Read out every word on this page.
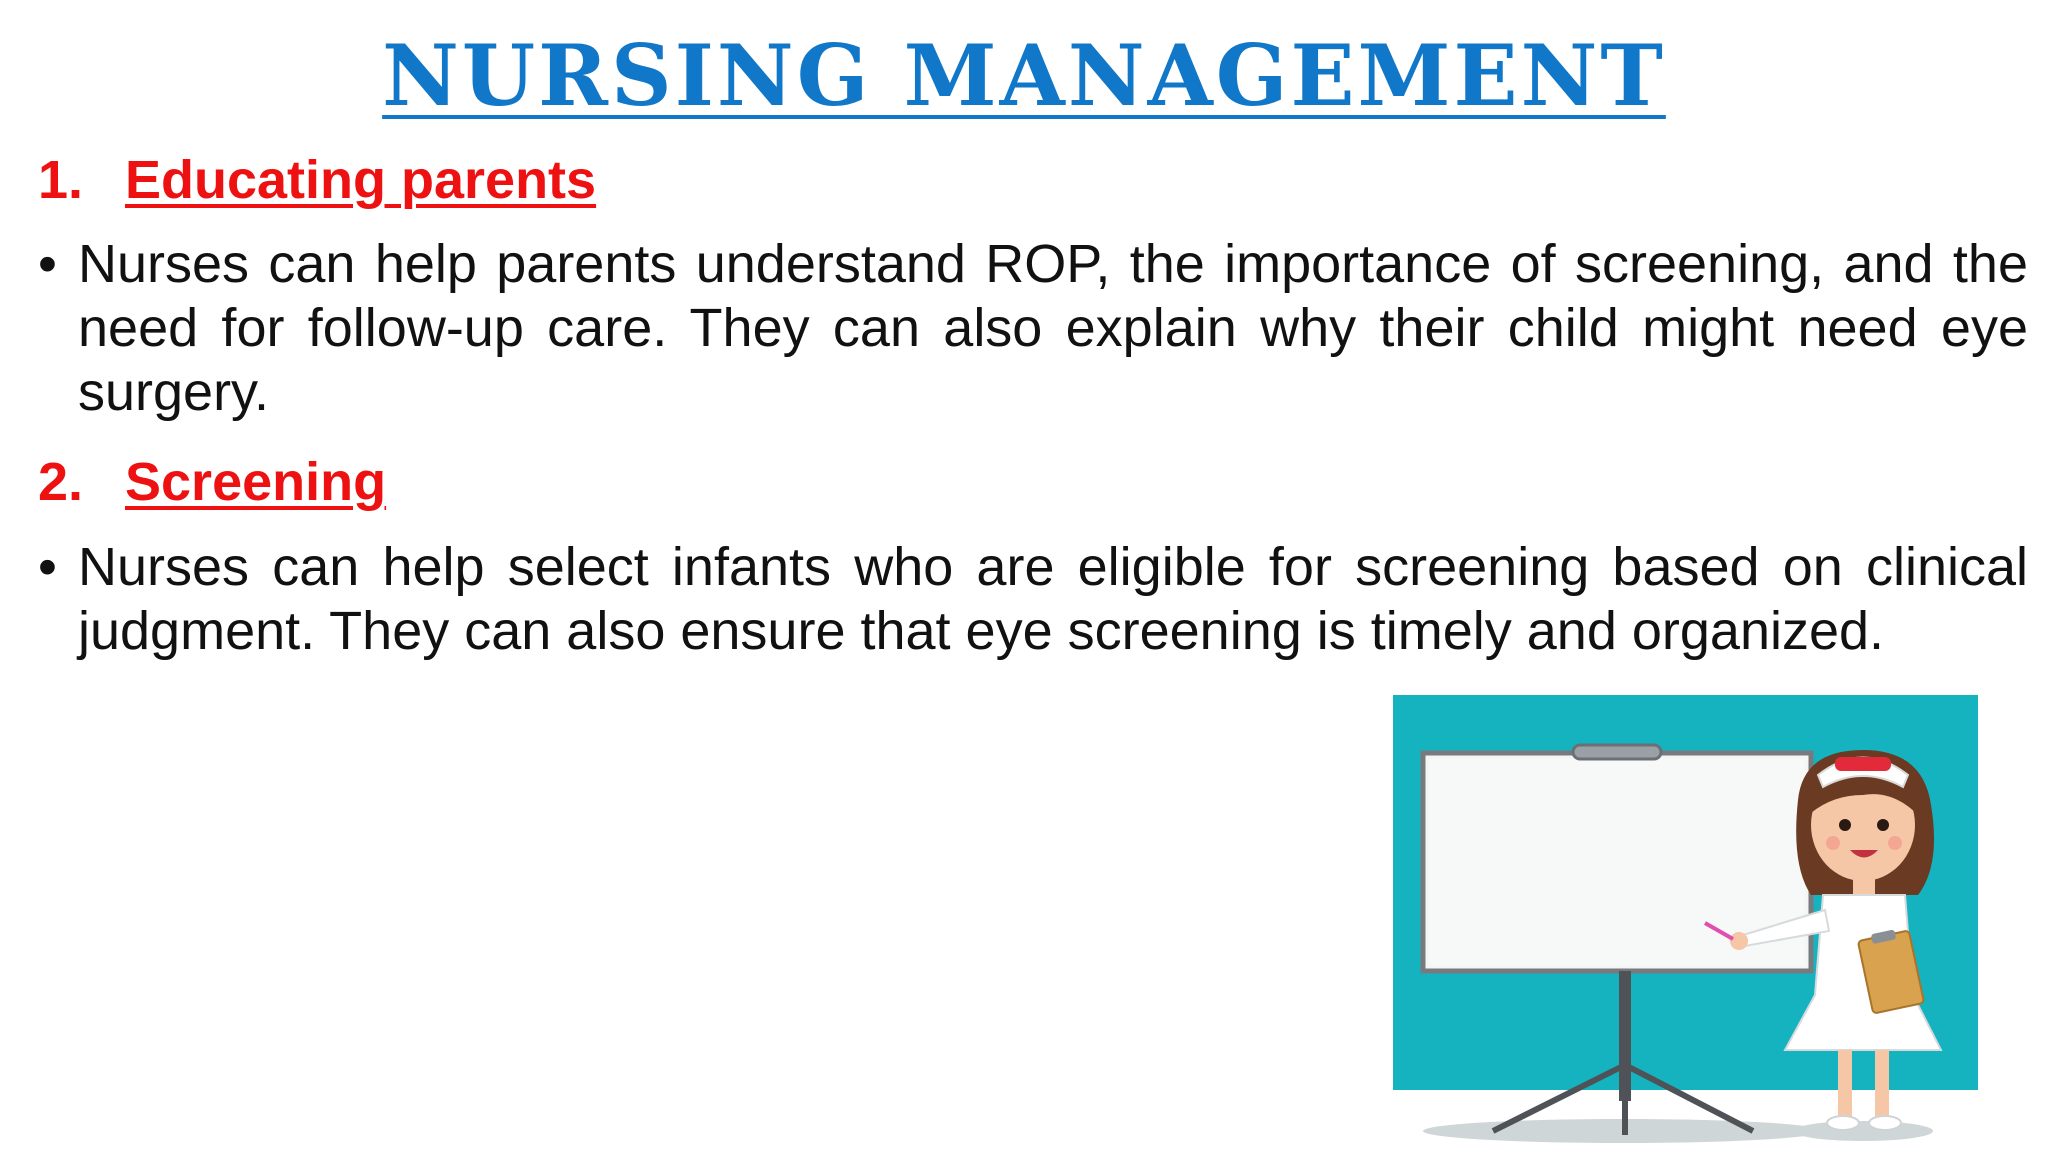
NURSING MANAGEMENT
1. Educating parents
• Nurses can help parents understand ROP, the importance of screening, and the need for follow-up care. They can also explain why their child might need eye surgery.
2. Screening
• Nurses can help select infants who are eligible for screening based on clinical judgment. They can also ensure that eye screening is timely and organized.
